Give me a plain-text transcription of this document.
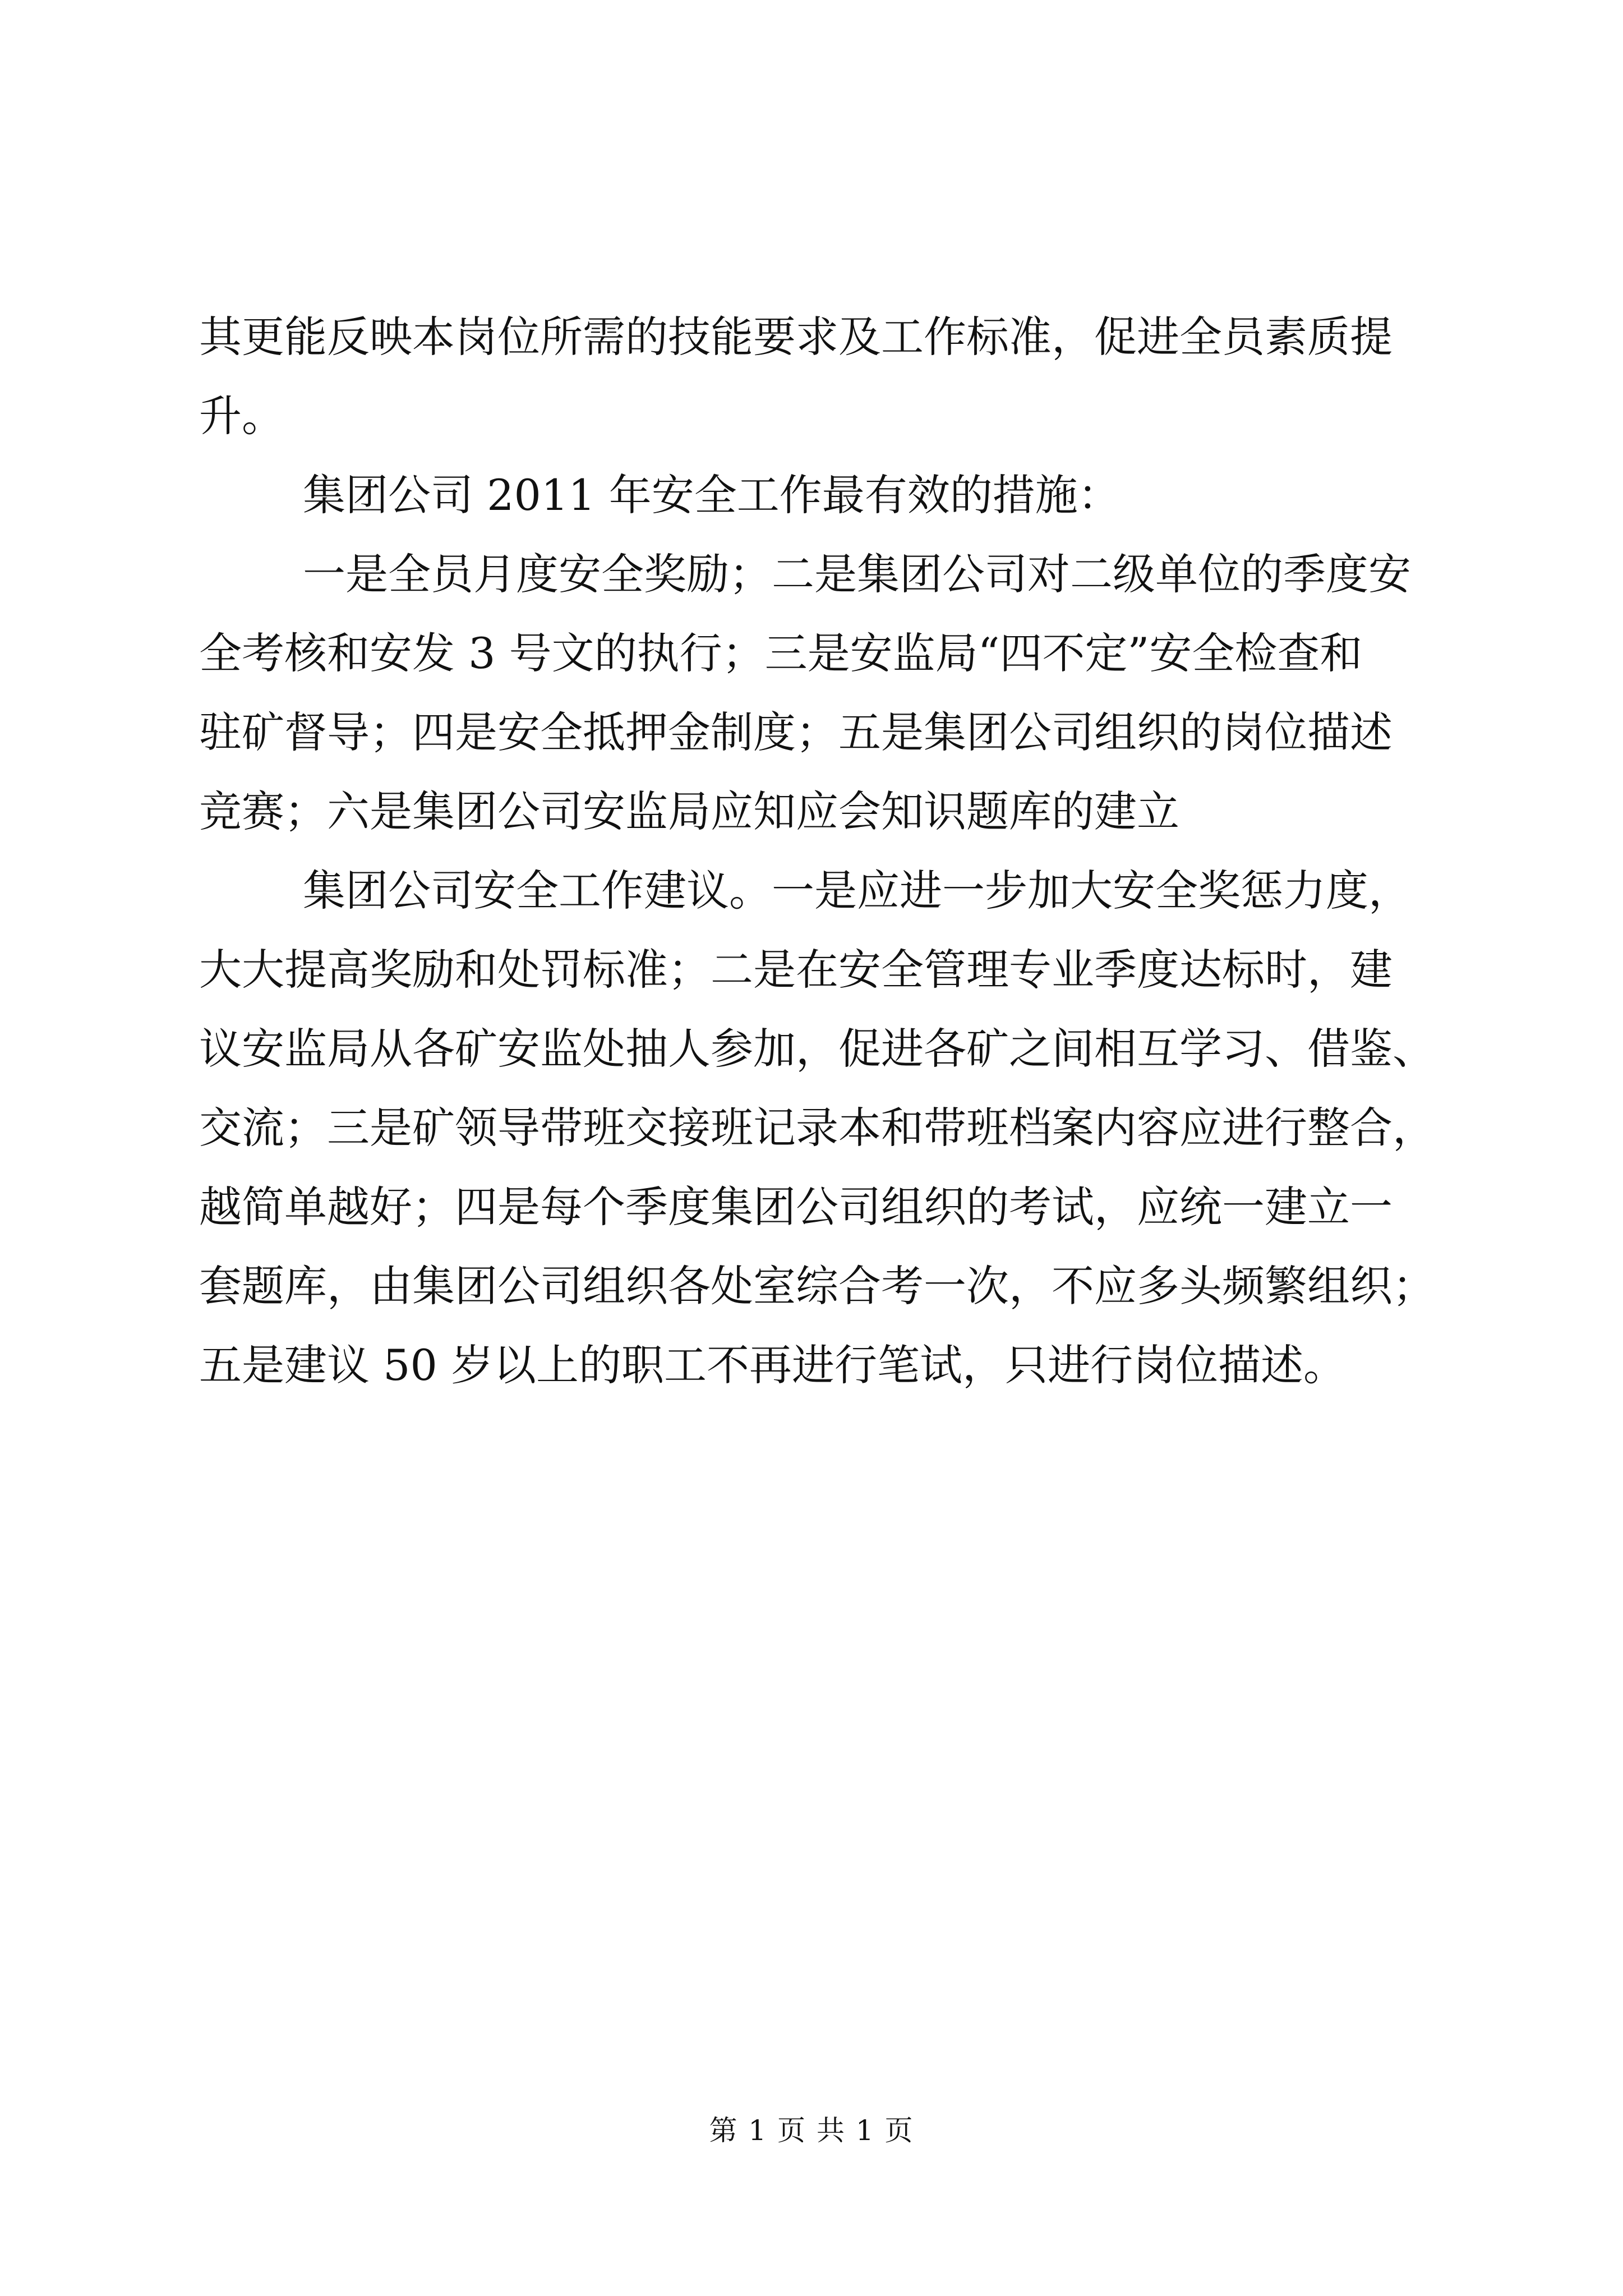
其更能反映本岗位所需的技能要求及工作标准，促进全员素质提
升。
集团公司 2011 年安全工作最有效的措施：
一是全员月度安全奖励；二是集团公司对二级单位的季度安
全考核和安发 3 号文的执行；三是安监局“四不定”安全检查和
驻矿督导；四是安全抵押金制度；五是集团公司组织的岗位描述
竞赛；六是集团公司安监局应知应会知识题库的建立
集团公司安全工作建议。一是应进一步加大安全奖惩力度，
大大提高奖励和处罚标准；二是在安全管理专业季度达标时，建
议安监局从各矿安监处抽人参加，促进各矿之间相互学习、借鉴、
交流；三是矿领导带班交接班记录本和带班档案内容应进行整合，
越简单越好；四是每个季度集团公司组织的考试，应统一建立一
套题库，由集团公司组织各处室综合考一次，不应多头频繁组织；
五是建议 50 岁以上的职工不再进行笔试，只进行岗位描述。
第 1 页 共 1 页
